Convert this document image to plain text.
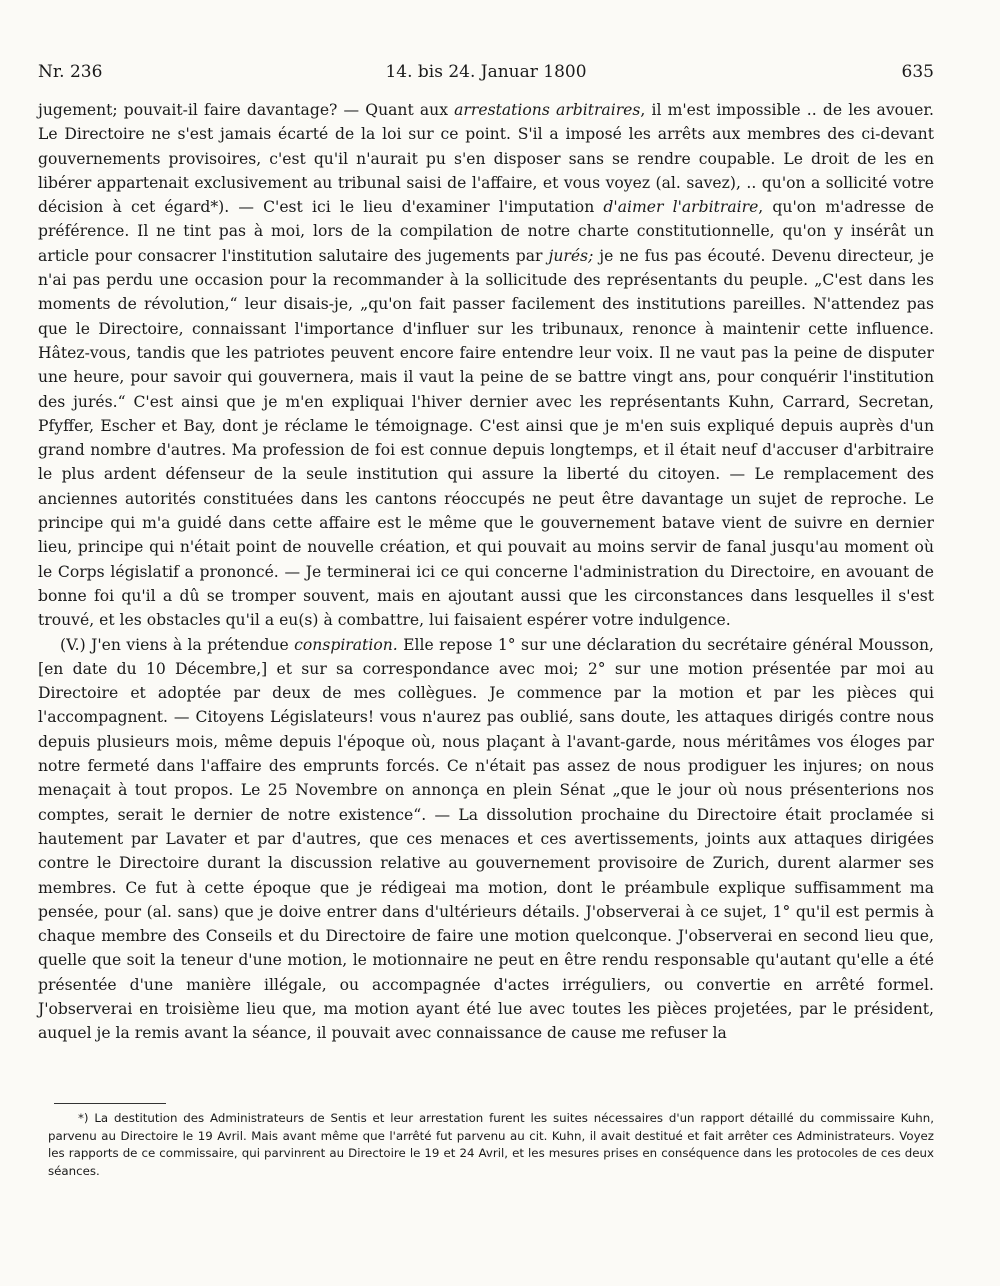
Nr. 236	14. bis 24. Januar 1800	635

jugement; pouvait-il faire davantage? — Quant aux arrestations arbitraires, il m'est impossible .. de les avouer. Le Directoire ne s'est jamais écarté de la loi sur ce point. S'il a imposé les arrêts aux membres des ci-devant gouvernements provisoires, c'est qu'il n'aurait pu s'en disposer sans se rendre coupable. Le droit de les en libérer appartenait exclusivement au tribunal saisi de l'affaire, et vous voyez (al. savez), .. qu'on a sollicité votre décision à cet égard*). — C'est ici le lieu d'examiner l'imputation d'aimer l'arbitraire, qu'on m'adresse de préférence. Il ne tint pas à moi, lors de la compilation de notre charte constitutionnelle, qu'on y insérât un article pour consacrer l'institution salutaire des jugements par jurés; je ne fus pas écouté. Devenu directeur, je n'ai pas perdu une occasion pour la recommander à la sollicitude des représentants du peuple. „C'est dans les moments de révolution,“ leur disais-je, „qu'on fait passer facilement des institutions pareilles. N'attendez pas que le Directoire, connaissant l'importance d'influer sur les tribunaux, renonce à maintenir cette influence. Hâtez-vous, tandis que les patriotes peuvent encore faire entendre leur voix. Il ne vaut pas la peine de disputer une heure, pour savoir qui gouvernera, mais il vaut la peine de se battre vingt ans, pour conquérir l'institution des jurés.“ C'est ainsi que je m'en expliquai l'hiver dernier avec les représentants Kuhn, Carrard, Secretan, Pfyffer, Escher et Bay, dont je réclame le témoignage. C'est ainsi que je m'en suis expliqué depuis auprès d'un grand nombre d'autres. Ma profession de foi est connue depuis longtemps, et il était neuf d'accuser d'arbitraire le plus ardent défenseur de la seule institution qui assure la liberté du citoyen. — Le remplacement des anciennes autorités constituées dans les cantons réoccupés ne peut être davantage un sujet de reproche. Le principe qui m'a guidé dans cette affaire est le même que le gouvernement batave vient de suivre en dernier lieu, principe qui n'était point de nouvelle création, et qui pouvait au moins servir de fanal jusqu'au moment où le Corps législatif a prononcé. — Je terminerai ici ce qui concerne l'administration du Directoire, en avouant de bonne foi qu'il a dû se tromper souvent, mais en ajoutant aussi que les circonstances dans lesquelles il s'est trouvé, et les obstacles qu'il a eu(s) à combattre, lui faisaient espérer votre indulgence.

(V.) J'en viens à la prétendue conspiration. Elle repose 1° sur une déclaration du secrétaire général Mousson, [en date du 10 Décembre,] et sur sa correspondance avec moi; 2° sur une motion présentée par moi au Directoire et adoptée par deux de mes collègues. Je commence par la motion et par les pièces qui l'accompagnent. — Citoyens Législateurs! vous n'aurez pas oublié, sans doute, les attaques dirigés contre nous depuis plusieurs mois, même depuis l'époque où, nous plaçant à l'avant-garde, nous méritâmes vos éloges par notre fermeté dans l'affaire des emprunts forcés. Ce n'était pas assez de nous prodiguer les injures; on nous menaçait à tout propos. Le 25 Novembre on annonça en plein Sénat „que le jour où nous présenterions nos comptes, serait le dernier de notre existence“. — La dissolution prochaine du Directoire était proclamée si hautement par Lavater et par d'autres, que ces menaces et ces avertissements, joints aux attaques dirigées contre le Directoire durant la discussion relative au gouvernement provisoire de Zurich, durent alarmer ses membres. Ce fut à cette époque que je rédigeai ma motion, dont le préambule explique suffisamment ma pensée, pour (al. sans) que je doive entrer dans d'ultérieurs détails. J'observerai à ce sujet, 1° qu'il est permis à chaque membre des Conseils et du Directoire de faire une motion quelconque. J'observerai en second lieu que, quelle que soit la teneur d'une motion, le motionnaire ne peut en être rendu responsable qu'autant qu'elle a été présentée d'une manière illégale, ou accompagnée d'actes irréguliers, ou convertie en arrêté formel. J'observerai en troisième lieu que, ma motion ayant été lue avec toutes les pièces projetées, par le président, auquel je la remis avant la séance, il pouvait avec connaissance de cause me refuser la

*) La destitution des Administrateurs de Sentis et leur arrestation furent les suites nécessaires d'un rapport détaillé du commissaire Kuhn, parvenu au Directoire le 19 Avril. Mais avant même que l'arrêté fut parvenu au cit. Kuhn, il avait destitué et fait arrêter ces Administrateurs. Voyez les rapports de ce commissaire, qui parvinrent au Directoire le 19 et 24 Avril, et les mesures prises en conséquence dans les protocoles de ces deux séances.
